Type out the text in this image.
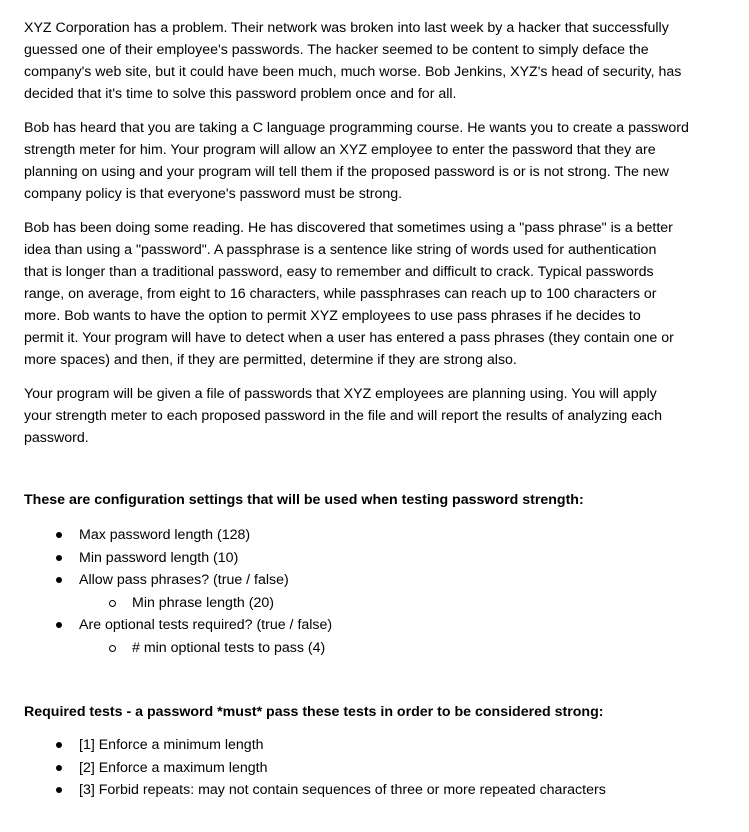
XYZ Corporation has a problem. Their network was broken into last week by a hacker that successfully
guessed one of their employee's passwords. The hacker seemed to be content to simply deface the
company's web site, but it could have been much, much worse. Bob Jenkins, XYZ's head of security, has
decided that it's time to solve this password problem once and for all.
Bob has heard that you are taking a C language programming course. He wants you to create a password
strength meter for him. Your program will allow an XYZ employee to enter the password that they are
planning on using and your program will tell them if the proposed password is or is not strong. The new
company policy is that everyone's password must be strong.
Bob has been doing some reading. He has discovered that sometimes using a "pass phrase" is a better
idea than using a "password". A passphrase is a sentence like string of words used for authentication
that is longer than a traditional password, easy to remember and difficult to crack. Typical passwords
range, on average, from eight to 16 characters, while passphrases can reach up to 100 characters or
more. Bob wants to have the option to permit XYZ employees to use pass phrases if he decides to
permit it. Your program will have to detect when a user has entered a pass phrases (they contain one or
more spaces) and then, if they are permitted, determine if they are strong also.
Your program will be given a file of passwords that XYZ employees are planning using. You will apply
your strength meter to each proposed password in the file and will report the results of analyzing each
password.
These are configuration settings that will be used when testing password strength:
Max password length (128)
Min password length (10)
Allow pass phrases? (true / false)
Min phrase length (20)
Are optional tests required? (true / false)
# min optional tests to pass (4)
Required tests - a password *must* pass these tests in order to be considered strong:
[1] Enforce a minimum length
[2] Enforce a maximum length
[3] Forbid repeats: may not contain sequences of three or more repeated characters
